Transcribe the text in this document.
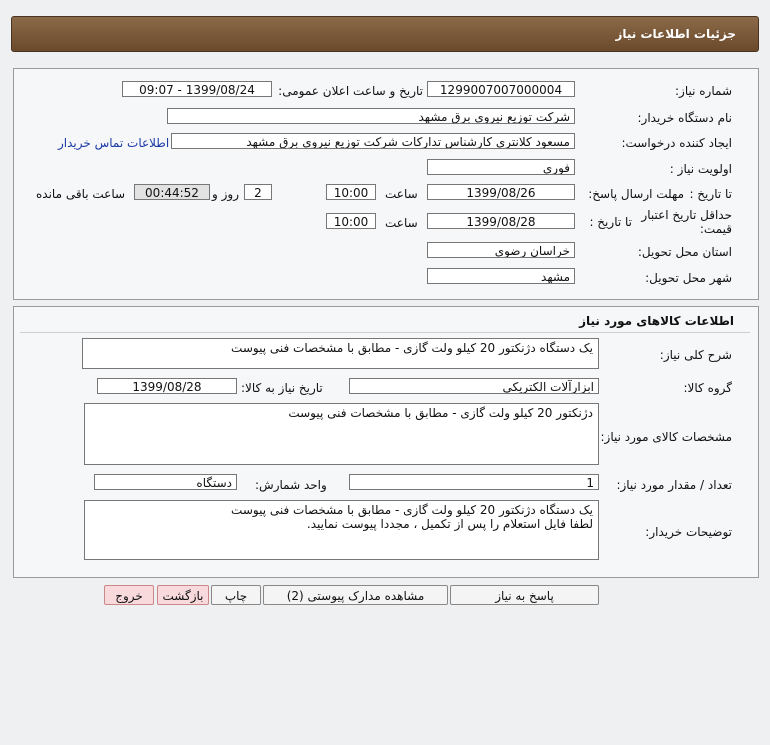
جزئیات اطلاعات نیاز
شماره نیاز:
1299007007000004
تاریخ و ساعت اعلان عمومی:
1399/08/24 - 09:07
نام دستگاه خریدار:
شرکت توزیع نیروی برق مشهد
ایجاد کننده درخواست:
مسعود کلانتری کارشناس تدارکات شرکت توزیع نیروی برق مشهد
اطلاعات تماس خریدار
اولویت نیاز :
فوری
مهلت ارسال پاسخ: تا تاریخ :
1399/08/26
ساعت
10:00
2
روز و
00:44:52
ساعت باقی مانده
حداقل تاریخ اعتبار قیمت:
تا تاریخ :
1399/08/28
ساعت
10:00
استان محل تحویل:
خراسان رضوی
شهر محل تحویل:
مشهد
اطلاعات کالاهای مورد نیاز
شرح کلی نیاز:
یک دستگاه دژنکتور 20 کیلو ولت گازی - مطابق با مشخصات فنی پیوست
گروه کالا:
ابزارآلات الکتریکی
تاریخ نیاز به کالا:
1399/08/28
مشخصات کالای مورد نیاز:
دژنکتور 20 کیلو ولت گازی - مطابق با مشخصات فنی پیوست
تعداد / مقدار مورد نیاز:
1
واحد شمارش:
دستگاه
توضیحات خریدار:
یک دستگاه دژنکتور 20 کیلو ولت گازی - مطابق با مشخصات فنی پیوست
لطفا فایل استعلام را پس از تکمیل ، مجددا پیوست نمایید.
پاسخ به نیاز
مشاهده مدارک پیوستی (2)
چاپ
بازگشت
خروج
